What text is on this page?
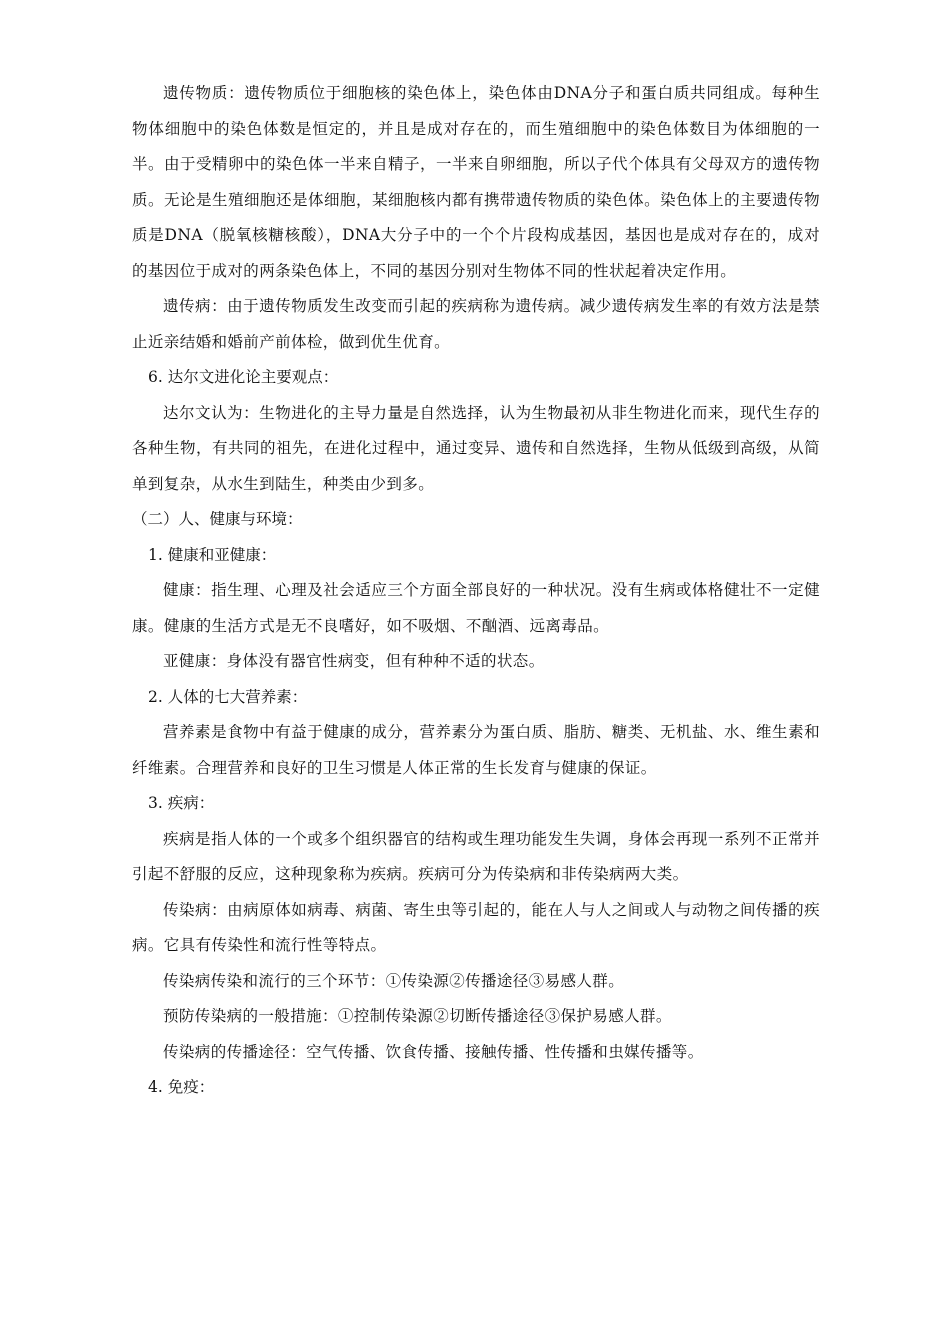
遗传物质：遗传物质位于细胞核的染色体上，染色体由DNA分子和蛋白质共同组成。每种生物体细胞中的染色体数是恒定的，并且是成对存在的，而生殖细胞中的染色体数目为体细胞的一半。由于受精卵中的染色体一半来自精子，一半来自卵细胞，所以子代个体具有父母双方的遗传物质。无论是生殖细胞还是体细胞，某细胞核内都有携带遗传物质的染色体。染色体上的主要遗传物质是DNA（脱氧核糖核酸），DNA大分子中的一个个片段构成基因，基因也是成对存在的，成对的基因位于成对的两条染色体上，不同的基因分别对生物体不同的性状起着决定作用。

遗传病：由于遗传物质发生改变而引起的疾病称为遗传病。减少遗传病发生率的有效方法是禁止近亲结婚和婚前产前体检，做到优生优育。

6. 达尔文进化论主要观点：

达尔文认为：生物进化的主导力量是自然选择，认为生物最初从非生物进化而来，现代生存的各种生物，有共同的祖先，在进化过程中，通过变异、遗传和自然选择，生物从低级到高级，从简单到复杂，从水生到陆生，种类由少到多。

（二）人、健康与环境：

1. 健康和亚健康：

健康：指生理、心理及社会适应三个方面全部良好的一种状况。没有生病或体格健壮不一定健康。健康的生活方式是无不良嗜好，如不吸烟、不酗酒、远离毒品。

亚健康：身体没有器官性病变，但有种种不适的状态。

2. 人体的七大营养素：

营养素是食物中有益于健康的成分，营养素分为蛋白质、脂肪、糖类、无机盐、水、维生素和纤维素。合理营养和良好的卫生习惯是人体正常的生长发育与健康的保证。

3. 疾病：

疾病是指人体的一个或多个组织器官的结构或生理功能发生失调，身体会再现一系列不正常并引起不舒服的反应，这种现象称为疾病。疾病可分为传染病和非传染病两大类。

传染病：由病原体如病毒、病菌、寄生虫等引起的，能在人与人之间或人与动物之间传播的疾病。它具有传染性和流行性等特点。

传染病传染和流行的三个环节：①传染源②传播途径③易感人群。

预防传染病的一般措施：①控制传染源②切断传播途径③保护易感人群。

传染病的传播途径：空气传播、饮食传播、接触传播、性传播和虫媒传播等。

4. 免疫：
